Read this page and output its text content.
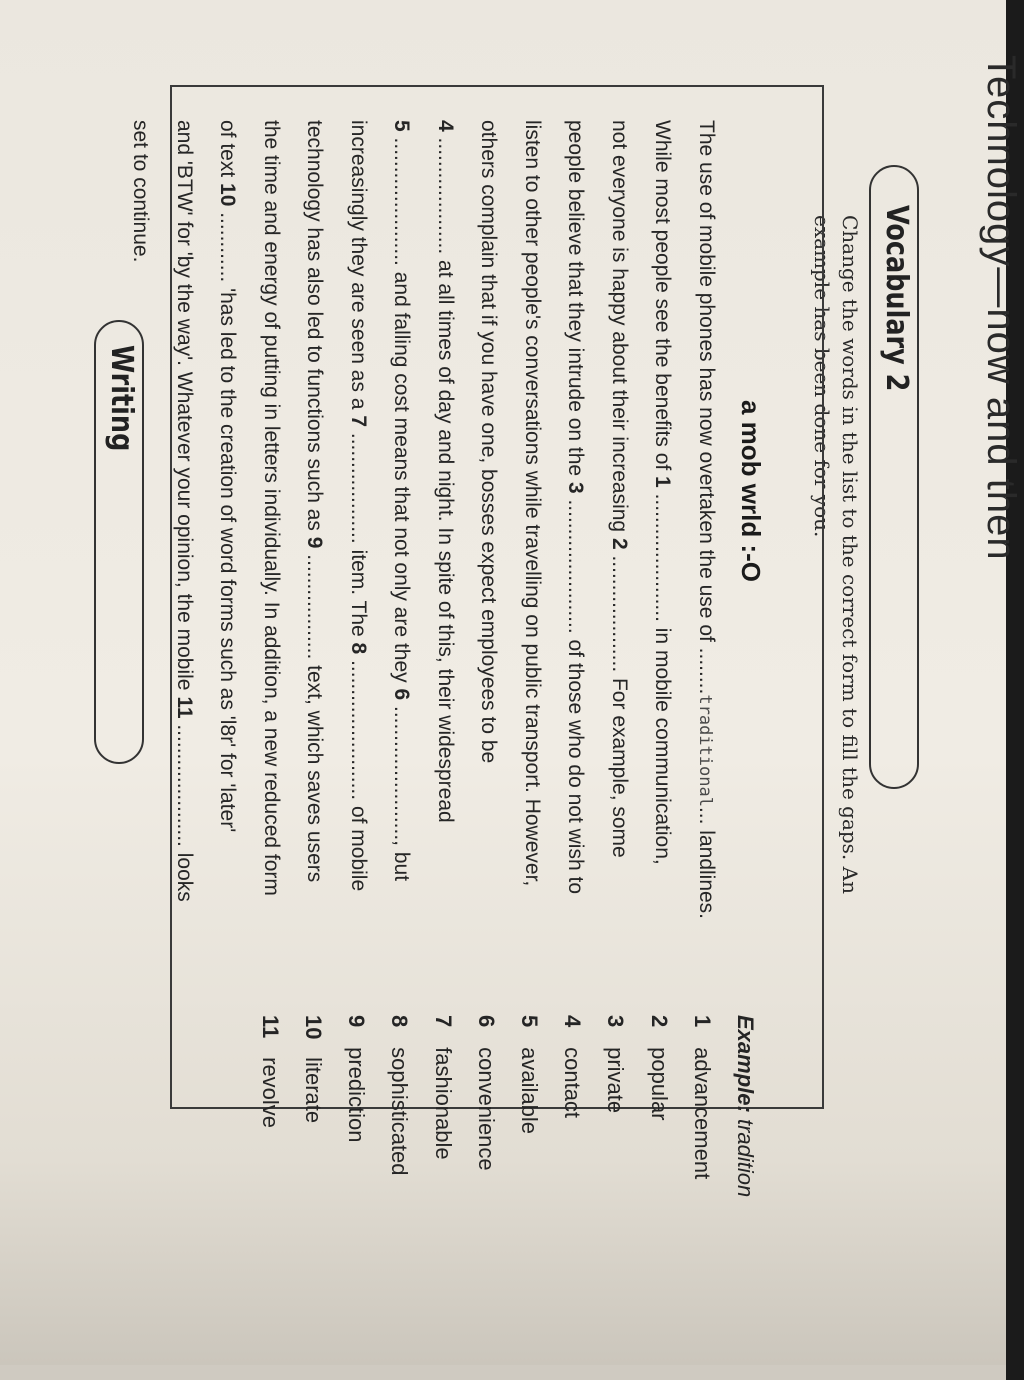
Technology—now and then
Vocabulary 2
Change the words in the list to the correct form to fill the gaps. An example has been done for you.
a mob wrld :-O
The use of mobile phones has now overtaken the use of ........traditional... landlines.
While most people see the benefits of 1 ...................... in mobile communication,
not everyone is happy about their increasing 2 .................... For example, some
people believe that they intrude on the 3 ....................... of those who do not wish to
listen to other people's conversations while travelling on public transport. However,
others complain that if you have one, bosses expect employees to be
4 .................... at all times of day and night. In spite of this, their widespread
5 ...................... and falling cost means that not only are they 6 ......................., but
increasingly they are seen as a 7 ................... item. The 8 ........................ of mobile
technology has also led to functions such as 9 .................. text, which saves users
the time and energy of putting in letters individually. In addition, a new reduced form
of text 10 ............ 'has led to the creation of word forms such as 'l8r' for 'later'
and 'BTW' for 'by the way'. Whatever your opinion, the mobile 11 ..................... looks
set to continue.
Example: tradition
1 advancement
2 popular
3 private
4 contact
5 available
6 convenience
7 fashionable
8 sophisticated
9 prediction
10 literate
11 revolve
Writing
